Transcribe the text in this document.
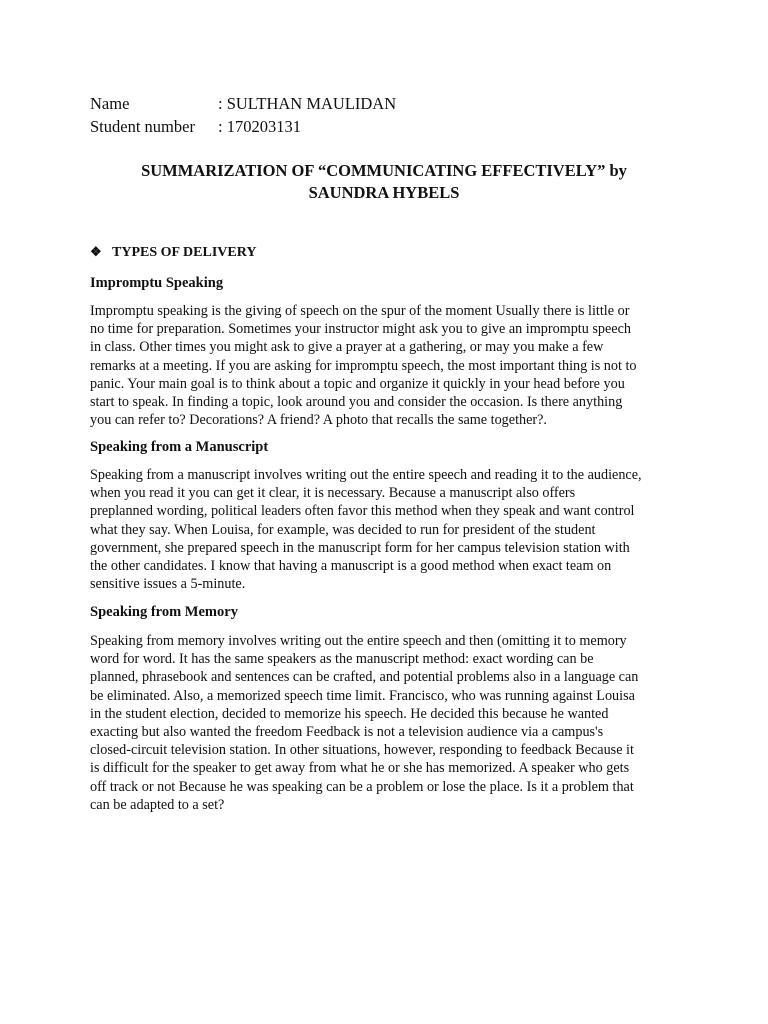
Name	: SULTHAN MAULIDAN
Student number : 170203131
SUMMARIZATION OF “COMMUNICATING EFFECTIVELY” by
SAUNDRA HYBELS
❖ TYPES OF DELIVERY
Impromptu Speaking
Impromptu speaking is the giving of speech on the spur of the moment Usually there is little or
no time for preparation. Sometimes your instructor might ask you to give an impromptu speech
in class. Other times you might ask to give a prayer at a gathering, or may you make a few
remarks at a meeting. If you are asking for impromptu speech, the most important thing is not to
panic. Your main goal is to think about a topic and organize it quickly in your head before you
start to speak. In finding a topic, look around you and consider the occasion. Is there anything
you can refer to? Decorations? A friend? A photo that recalls the same together?.
Speaking from a Manuscript
Speaking from a manuscript involves writing out the entire speech and reading it to the audience,
when you read it you can get it clear, it is necessary. Because a manuscript also offers
preplanned wording, political leaders often favor this method when they speak and want control
what they say. When Louisa, for example, was decided to run for president of the student
government, she prepared speech in the manuscript form for her campus television station with
the other candidates. I know that having a manuscript is a good method when exact team on
sensitive issues a 5-minute.
Speaking from Memory
Speaking from memory involves writing out the entire speech and then (omitting it to memory
word for word. It has the same speakers as the manuscript method: exact wording can be
planned, phrasebook and sentences can be crafted, and potential problems also in a language can
be eliminated. Also, a memorized speech time limit. Francisco, who was running against Louisa
in the student election, decided to memorize his speech. He decided this because he wanted
exacting but also wanted the freedom Feedback is not a television audience via a campus's
closed-circuit television station. In other situations, however, responding to feedback Because it
is difficult for the speaker to get away from what he or she has memorized. A speaker who gets
off track or not Because he was speaking can be a problem or lose the place. Is it a problem that
can be adapted to a set?
